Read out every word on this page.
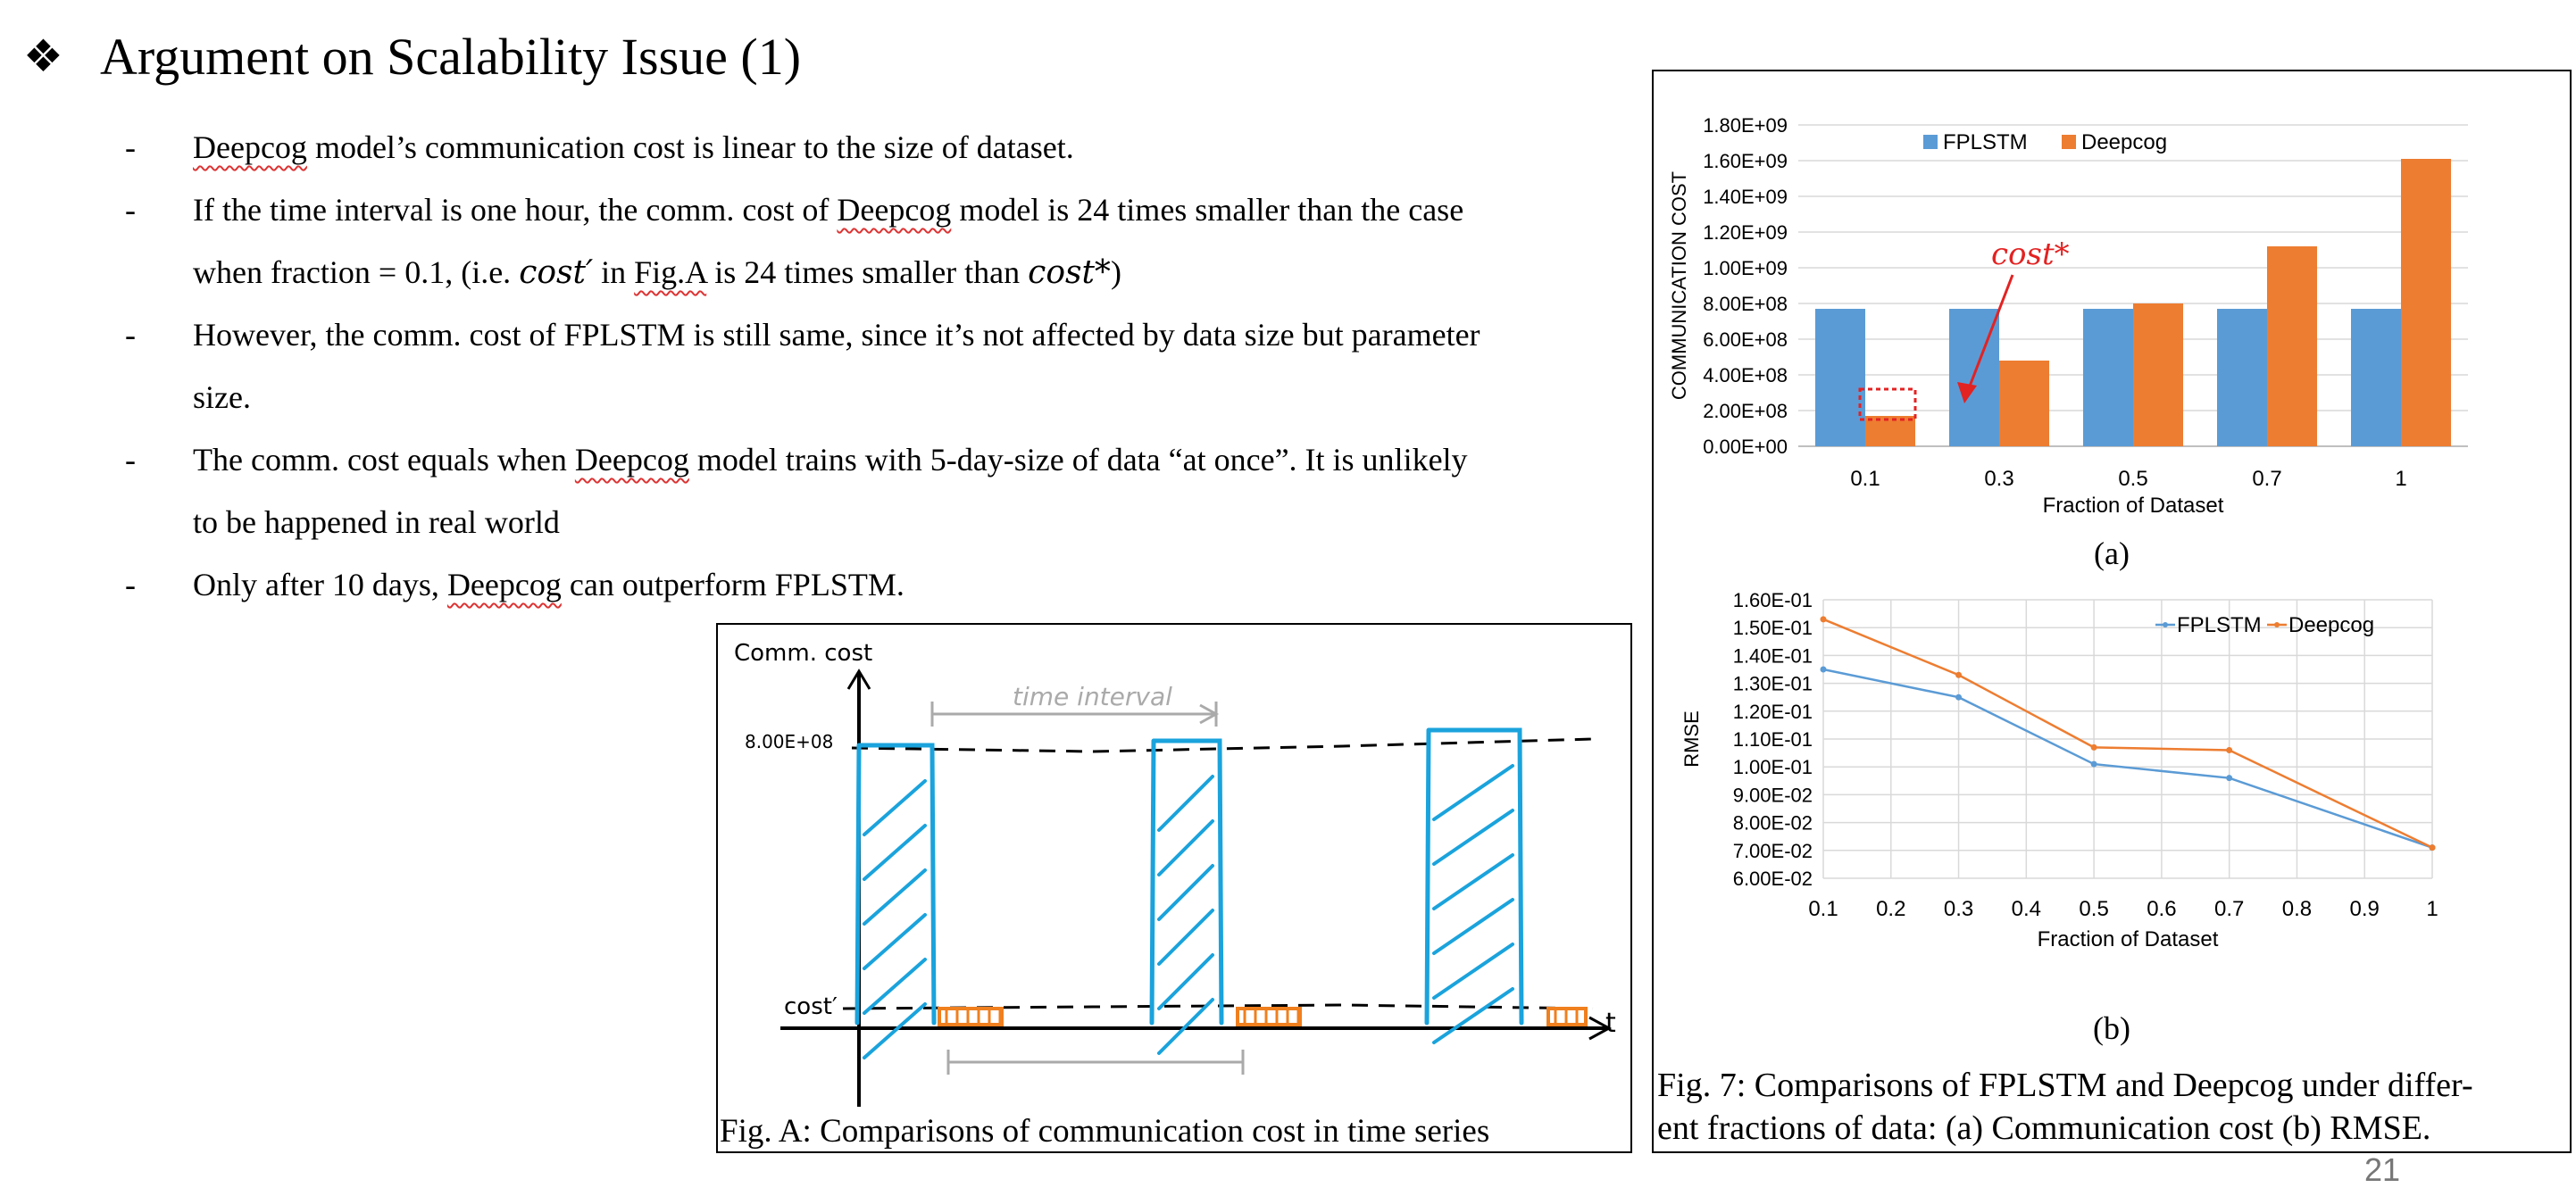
❖ Argument on Scalability Issue (1)
- Deepcog model’s communication cost is linear to the size of dataset.
- If the time interval is one hour, the comm. cost of Deepcog model is 24 times smaller than the case
when fraction = 0.1, (i.e. cost′ in Fig.A is 24 times smaller than cost*)
- However, the comm. cost of FPLSTM is still same, since it’s not affected by data size but parameter
size.
- The comm. cost equals when Deepcog model trains with 5-day-size of data “at once”. It is unlikely
to be happened in real world
- Only after 10 days, Deepcog can outperform FPLSTM.
Comm. cost
t
8.00E+08
cost′
time interval
Fig. A: Comparisons of communication cost in time series
0.00E+00
2.00E+08
4.00E+08
6.00E+08
8.00E+08
1.00E+09
1.20E+09
1.40E+09
1.60E+09
1.80E+09
0.1	0.3	0.5	0.7	1
Fraction of Dataset
COMMUNICATION COST
FPLSTM	Deepcog
cost*
(a)
6.00E-02
7.00E-02
8.00E-02
9.00E-02
1.00E-01
1.10E-01
1.20E-01
1.30E-01
1.40E-01
1.50E-01
1.60E-01
0.1 0.2 0.3 0.4 0.5 0.6 0.7 0.8 0.9 1
Fraction of Dataset
RMSE
FPLSTM Deepcog
(b)
Fig. 7: Comparisons of FPLSTM and Deepcog under differ-
ent fractions of data: (a) Communication cost (b) RMSE.
21
